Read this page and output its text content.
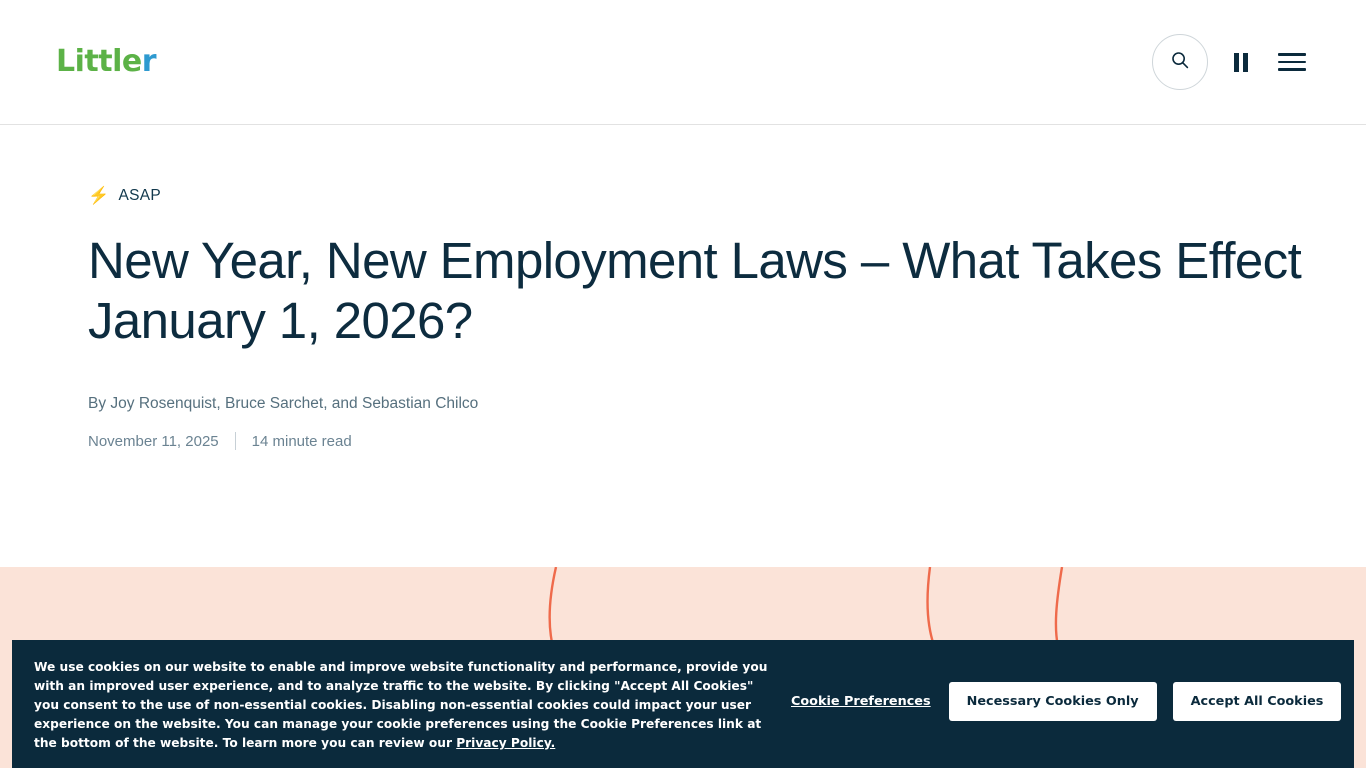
Littler
⚡ ASAP
New Year, New Employment Laws – What Takes Effect January 1, 2026?

By Joy Rosenquist, Bruce Sarchet, and Sebastian Chilco

November 11, 2025 14 minute read
We use cookies on our website to enable and improve website functionality and performance, provide you with an improved user experience, and to analyze traffic to the website. By clicking "Accept All Cookies" you consent to the use of non-essential cookies. Disabling non-essential cookies could impact your user experience on the website. You can manage your cookie preferences using the Cookie Preferences link at the bottom of the website. To learn more you can review our Privacy Policy.
Cookie Preferences	Necessary Cookies Only	Accept All Cookies
